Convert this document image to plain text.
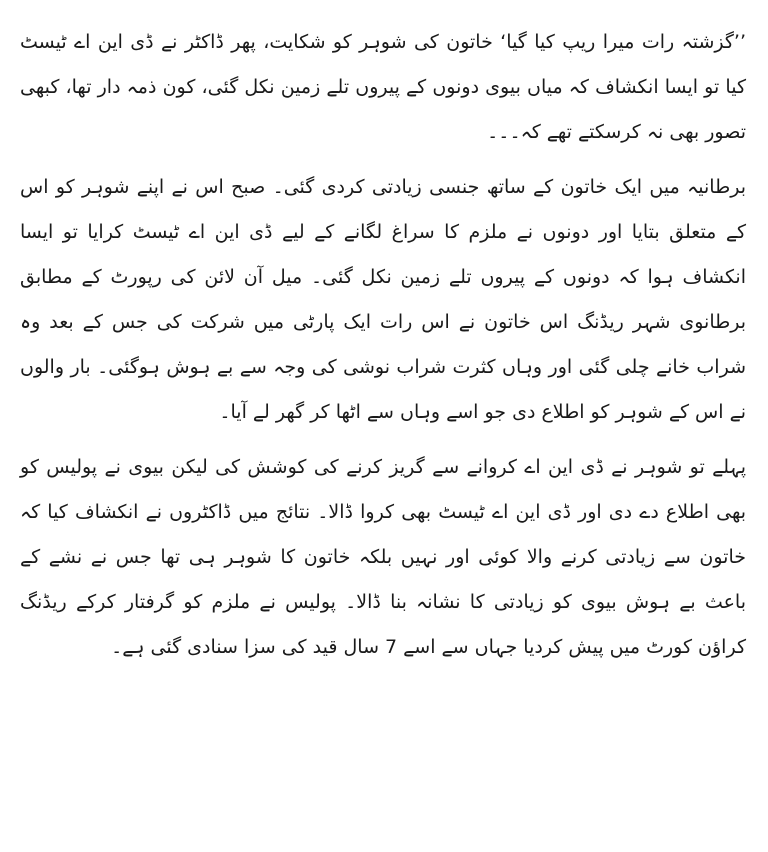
’’گزشتہ رات میرا ریپ کیا گیا‘ خاتون کی شوہر کو شکایت، پھر ڈاکٹر نے ڈی این اے ٹیسٹ کیا تو ایسا انکشاف کہ میاں بیوی دونوں کے پیروں تلے زمین نکل گئی، کون ذمہ دار تھا، کبھی تصور بھی نہ کرسکتے تھے کہ۔۔۔

برطانیہ میں ایک خاتون کے ساتھ جنسی زیادتی کردی گئی۔ صبح اس نے اپنے شوہر کو اس کے متعلق بتایا اور دونوں نے ملزم کا سراغ لگانے کے لیے ڈی این اے ٹیسٹ کرایا تو ایسا انکشاف ہوا کہ دونوں کے پیروں تلے زمین نکل گئی۔ میل آن لائن کی رپورٹ کے مطابق برطانوی شہر ریڈنگ اس خاتون نے اس رات ایک پارٹی میں شرکت کی جس کے بعد وہ شراب خانے چلی گئی اور وہاں کثرت شراب نوشی کی وجہ سے بے ہوش ہوگئی۔ بار والوں نے اس کے شوہر کو اطلاع دی جو اسے وہاں سے اٹھا کر گھر لے آیا۔

پہلے تو شوہر نے ڈی این اے کروانے سے گریز کرنے کی کوشش کی لیکن بیوی نے پولیس کو بھی اطلاع دے دی اور ڈی این اے ٹیسٹ بھی کروا ڈالا۔ نتائج میں ڈاکٹروں نے انکشاف کیا کہ خاتون سے زیادتی کرنے والا کوئی اور نہیں بلکہ خاتون کا شوہر ہی تھا جس نے نشے کے باعث بے ہوش بیوی کو زیادتی کا نشانہ بنا ڈالا۔ پولیس نے ملزم کو گرفتار کرکے ریڈنگ کراؤن کورٹ میں پیش کردیا جہاں سے اسے 7 سال قید کی سزا سنادی گئی ہے۔
